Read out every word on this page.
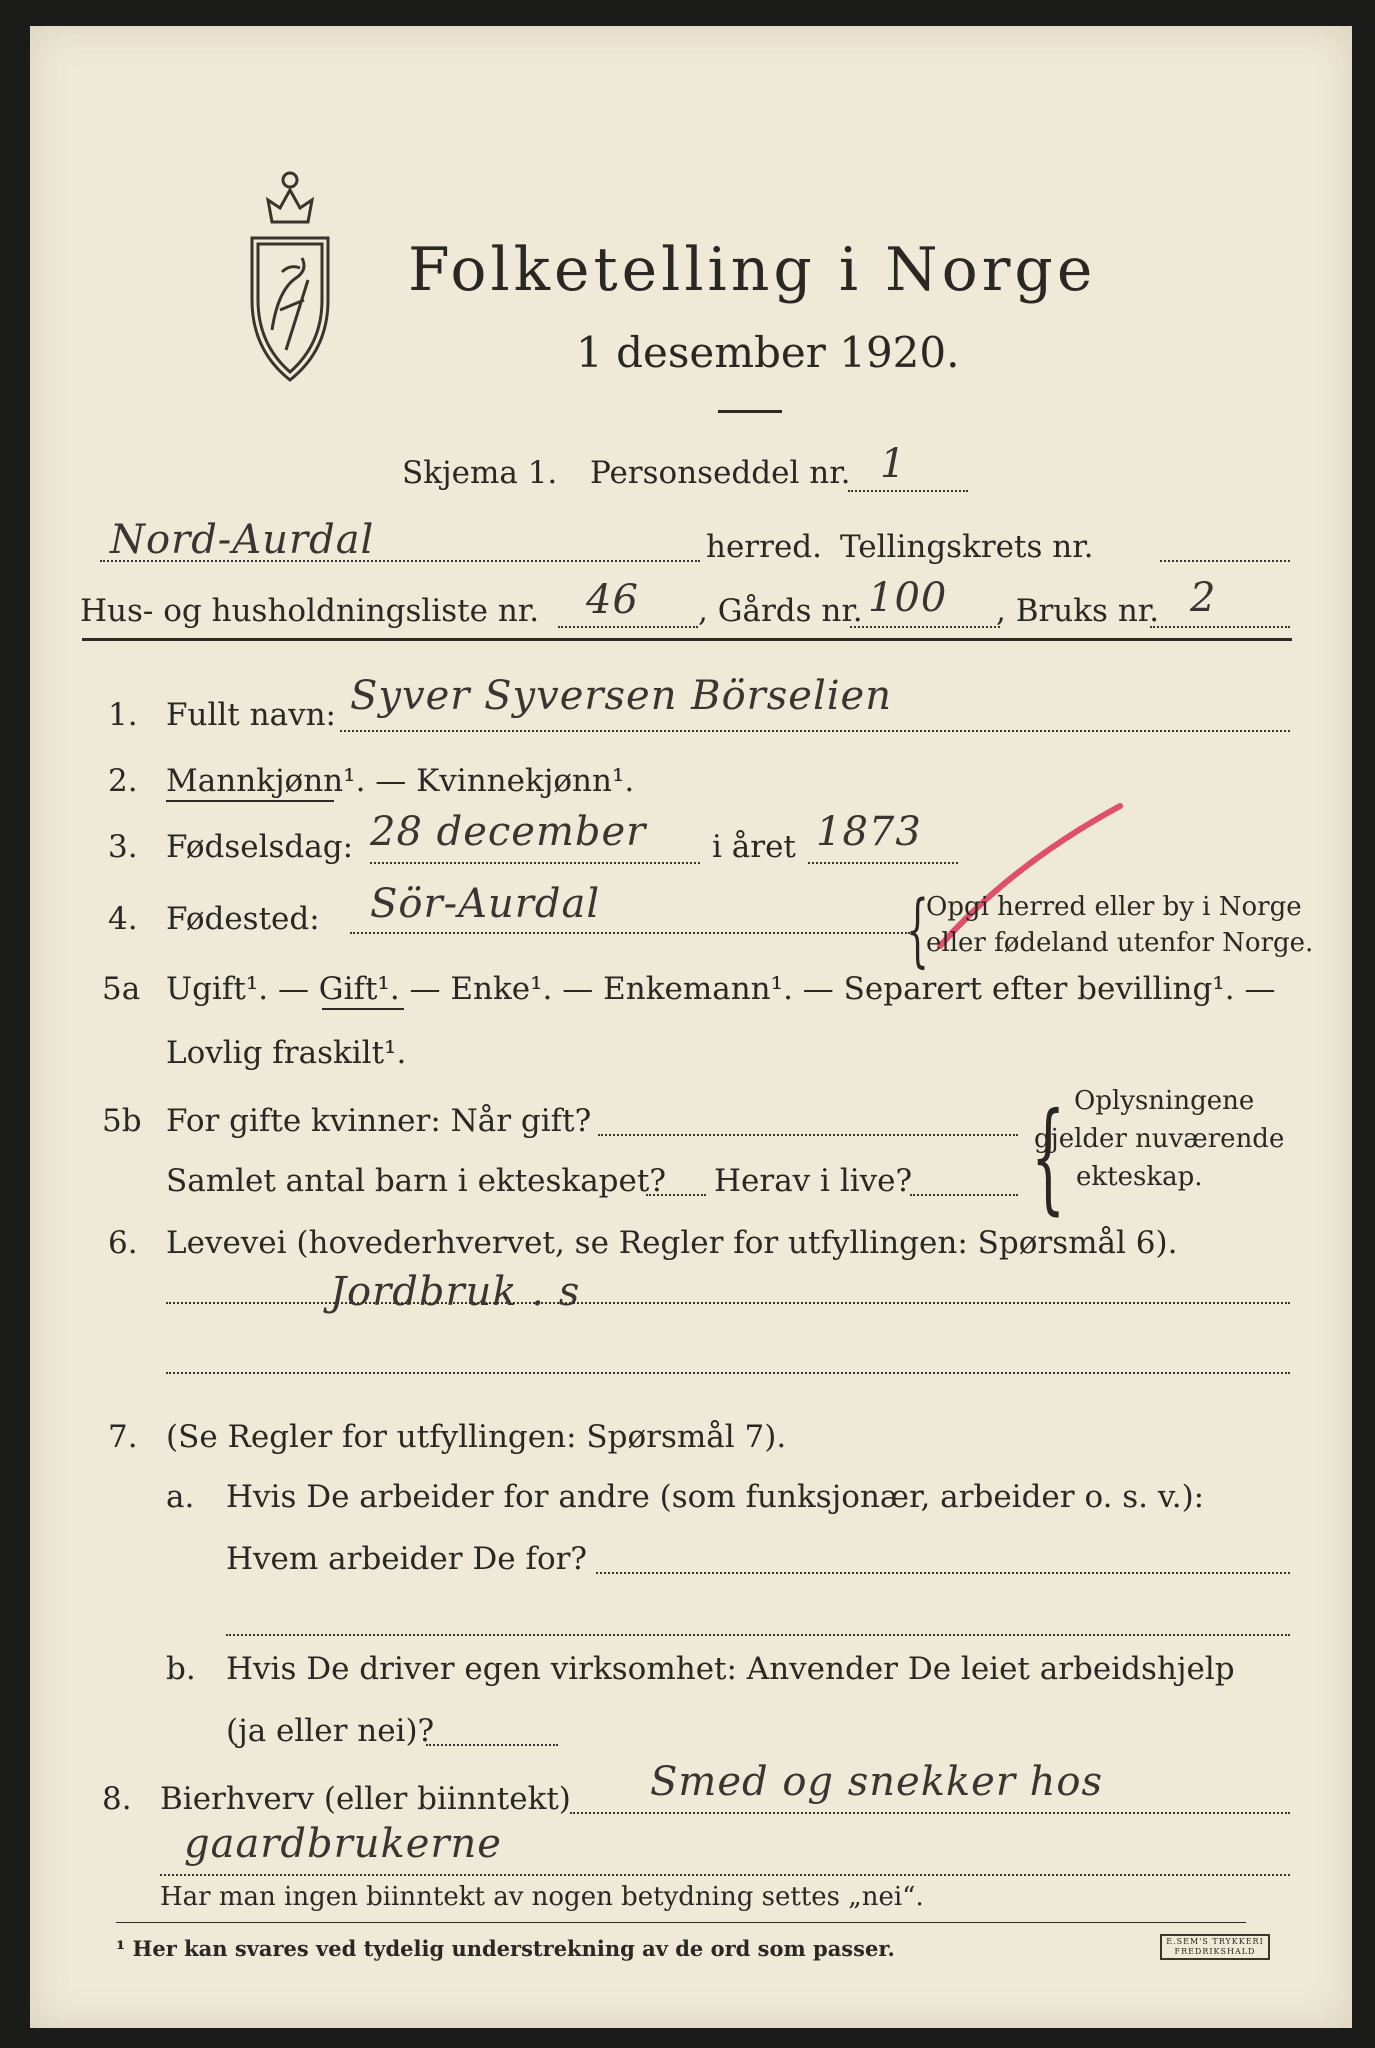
Folketelling i Norge
1 desember 1920.
Skjema 1. Personseddel nr. 1
Nord-Aurdal	herred. Tellingskrets nr.
Hus- og husholdningsliste nr. 46 , Gårds nr. 100 , Bruks nr. 2
1. Fullt navn: Syver Syversen Börselien
2. Mannkjønn¹. — Kvinnekjønn¹.
3. Fødselsdag: 28 december i året 1873
4. Fødested: Sör-Aurdal	{
Opgi herred eller by i Norge
eller fødeland utenfor Norge.
5a Ugift¹. — Gift¹. — Enke¹. — Enkemann¹. — Separert efter bevilling¹. —
Lovlig fraskilt¹.
5b For gifte kvinner: Når gift?
Samlet antal barn i ekteskapet? Herav i live? { Oplysningene
gjelder nuværende
ekteskap.
6. Levevei (hovederhvervet, se Regler for utfyllingen: Spørsmål 6).
Jordbruk . s
7. (Se Regler for utfyllingen: Spørsmål 7).
a. Hvis De arbeider for andre (som funksjonær, arbeider o. s. v.):
Hvem arbeider De for?
b. Hvis De driver egen virksomhet: Anvender De leiet arbeidshjelp
(ja eller nei)?
8. Bierhverv (eller biinntekt) Smed og snekker hos
gaardbrukerne
Har man ingen biinntekt av nogen betydning settes „nei“.
¹ Her kan svares ved tydelig understrekning av de ord som passer.	E.SEM'S TRYKKERI FREDRIKSHALD
